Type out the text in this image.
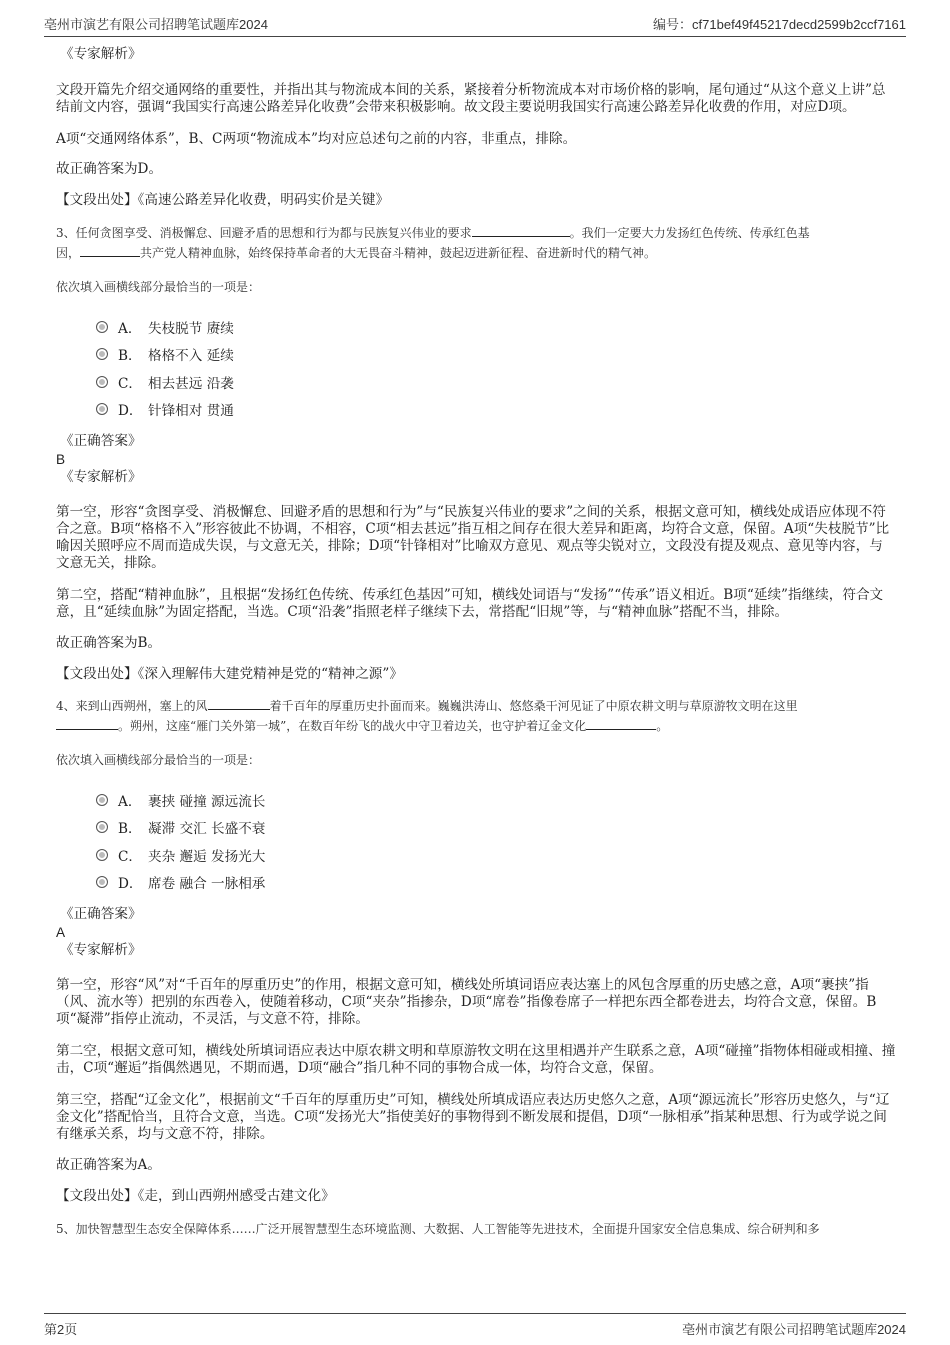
亳州市演艺有限公司招聘笔试题库2024	编号：cf71bef49f45217decd2599b2ccf7161

《专家解析》

文段开篇先介绍交通网络的重要性，并指出其与物流成本间的关系，紧接着分析物流成本对市场价格的影响，尾句通过“从这个意义上讲”总结前文内容，强调“我国实行高速公路差异化收费”会带来积极影响。故文段主要说明我国实行高速公路差异化收费的作用，对应D项。

A项“交通网络体系”，B、C两项“物流成本”均对应总述句之前的内容，非重点，排除。

故正确答案为D。

【文段出处】《高速公路差异化收费，明码实价是关键》

3、任何贪图享受、消极懈怠、回避矛盾的思想和行为都与民族复兴伟业的要求	。我们一定要大力发扬红色传统、传承红色基
因，	共产党人精神血脉，始终保持革命者的大无畏奋斗精神，鼓起迈进新征程、奋进新时代的精气神。

依次填入画横线部分最恰当的一项是：

A． 失枝脱节 赓续
B． 格格不入 延续
C． 相去甚远 沿袭
D． 针锋相对 贯通

《正确答案》

B

《专家解析》

第一空，形容“贪图享受、消极懈怠、回避矛盾的思想和行为”与“民族复兴伟业的要求”之间的关系，根据文意可知，横线处成语应体现不符合之意。B项“格格不入”形容彼此不协调，不相容，C项“相去甚远”指互相之间存在很大差异和距离，均符合文意，保留。A项“失枝脱节”比喻因关照呼应不周而造成失误，与文意无关，排除；D项“针锋相对”比喻双方意见、观点等尖锐对立，文段没有提及观点、意见等内容，与文意无关，排除。

第二空，搭配“精神血脉”，且根据“发扬红色传统、传承红色基因”可知，横线处词语与“发扬”“传承”语义相近。B项“延续”指继续，符合文意，且“延续血脉”为固定搭配，当选。C项“沿袭”指照老样子继续下去，常搭配“旧规”等，与“精神血脉”搭配不当，排除。

故正确答案为B。

【文段出处】《深入理解伟大建党精神是党的“精神之源”》

4、来到山西朔州，塞上的风	着千百年的厚重历史扑面而来。巍巍洪涛山、悠悠桑干河见证了中原农耕文明与草原游牧文明在这里
。朔州，这座“雁门关外第一城”，在数百年纷飞的战火中守卫着边关，也守护着辽金文化	。

依次填入画横线部分最恰当的一项是：

A． 裹挟 碰撞 源远流长
B． 凝滞 交汇 长盛不衰
C． 夹杂 邂逅 发扬光大
D． 席卷 融合 一脉相承

《正确答案》

A

《专家解析》

第一空，形容“风”对“千百年的厚重历史”的作用，根据文意可知，横线处所填词语应表达塞上的风包含厚重的历史感之意，A项“裹挟”指（风、流水等）把别的东西卷入，使随着移动，C项“夹杂”指掺杂，D项“席卷”指像卷席子一样把东西全都卷进去，均符合文意，保留。B项“凝滞”指停止流动，不灵活，与文意不符，排除。

第二空，根据文意可知，横线处所填词语应表达中原农耕文明和草原游牧文明在这里相遇并产生联系之意，A项“碰撞”指物体相碰或相撞、撞击，C项“邂逅”指偶然遇见，不期而遇，D项“融合”指几种不同的事物合成一体，均符合文意，保留。

第三空，搭配“辽金文化”，根据前文“千百年的厚重历史”可知，横线处所填成语应表达历史悠久之意，A项“源远流长”形容历史悠久，与“辽金文化”搭配恰当，且符合文意，当选。C项“发扬光大”指使美好的事物得到不断发展和提倡，D项“一脉相承”指某种思想、行为或学说之间有继承关系，均与文意不符，排除。

故正确答案为A。

【文段出处】《走，到山西朔州感受古建文化》

5、加快智慧型生态安全保障体系……广泛开展智慧型生态环境监测、大数据、人工智能等先进技术，全面提升国家安全信息集成、综合研判和多
第2页	亳州市演艺有限公司招聘笔试题库2024
